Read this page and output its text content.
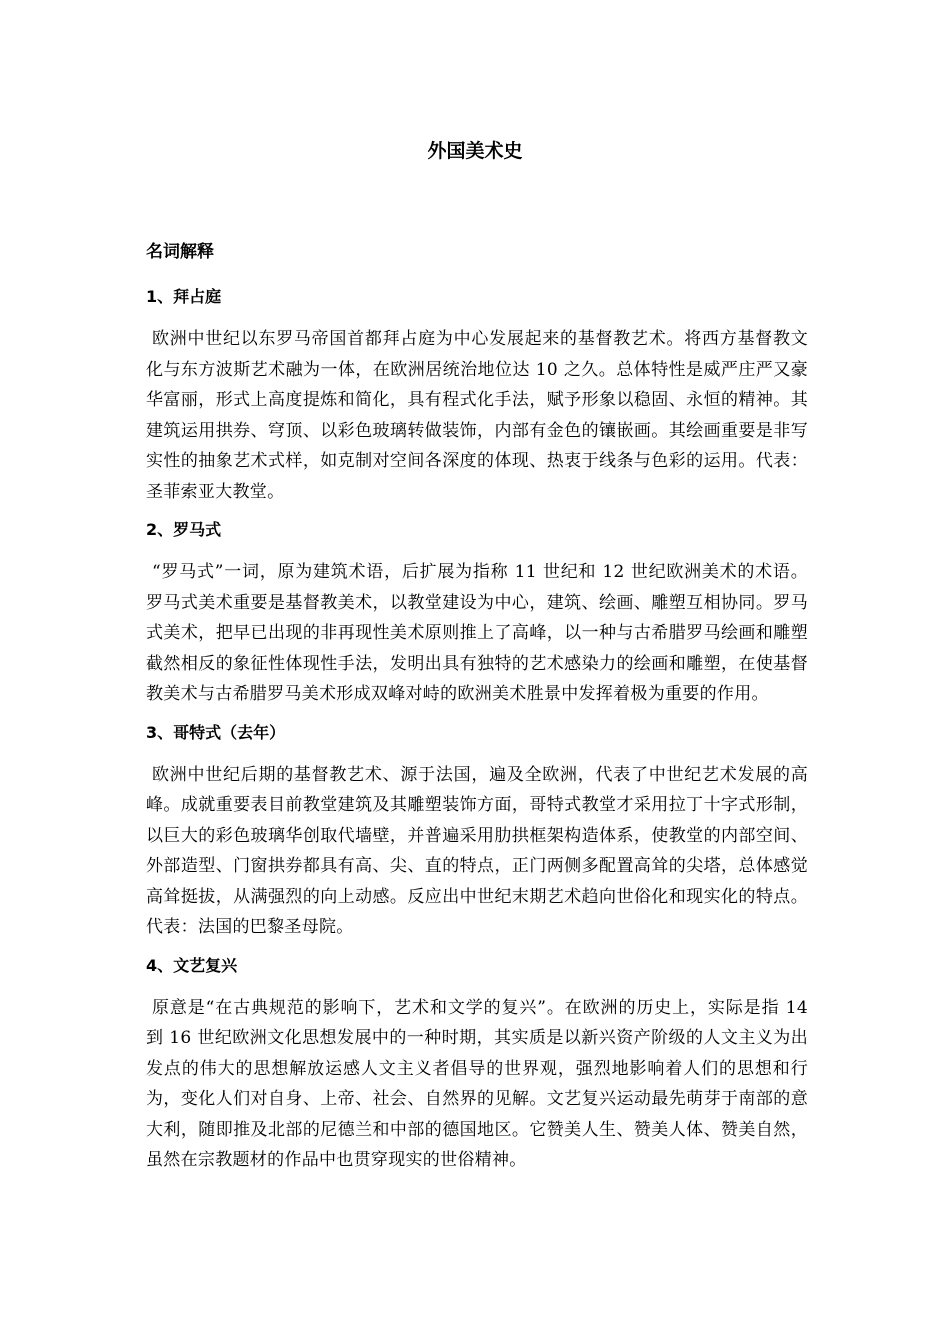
外国美术史
名词解释
1、拜占庭

欧洲中世纪以东罗马帝国首都拜占庭为中心发展起来的基督教艺术。将西方基督教文化与东方波斯艺术融为一体，在欧洲居统治地位达 10 之久。总体特性是威严庄严又豪华富丽，形式上高度提炼和简化，具有程式化手法，赋予形象以稳固、永恒的精神。其建筑运用拱券、穹顶、以彩色玻璃转做装饰，内部有金色的镶嵌画。其绘画重要是非写实性的抽象艺术式样，如克制对空间各深度的体现、热衷于线条与色彩的运用。代表：圣菲索亚大教堂。

2、罗马式

“罗马式”一词，原为建筑术语，后扩展为指称 11 世纪和 12 世纪欧洲美术的术语。罗马式美术重要是基督教美术，以教堂建设为中心，建筑、绘画、雕塑互相协同。罗马式美术，把早已出现的非再现性美术原则推上了高峰，以一种与古希腊罗马绘画和雕塑截然相反的象征性体现性手法，发明出具有独特的艺术感染力的绘画和雕塑，在使基督教美术与古希腊罗马美术形成双峰对峙的欧洲美术胜景中发挥着极为重要的作用。

3、哥特式（去年）

欧洲中世纪后期的基督教艺术、源于法国，遍及全欧洲，代表了中世纪艺术发展的高峰。成就重要表目前教堂建筑及其雕塑装饰方面，哥特式教堂才采用拉丁十字式形制，以巨大的彩色玻璃华创取代墙壁，并普遍采用肋拱框架构造体系，使教堂的内部空间、外部造型、门窗拱券都具有高、尖、直的特点，正门两侧多配置高耸的尖塔，总体感觉高耸挺拔，从满强烈的向上动感。反应出中世纪末期艺术趋向世俗化和现实化的特点。代表：法国的巴黎圣母院。

4、文艺复兴

原意是“在古典规范的影响下，艺术和文学的复兴”。在欧洲的历史上，实际是指 14 到 16 世纪欧洲文化思想发展中的一种时期，其实质是以新兴资产阶级的人文主义为出发点的伟大的思想解放运感人文主义者倡导的世界观，强烈地影响着人们的思想和行为，变化人们对自身、上帝、社会、自然界的见解。文艺复兴运动最先萌芽于南部的意大利，随即推及北部的尼德兰和中部的德国地区。它赞美人生、赞美人体、赞美自然，虽然在宗教题材的作品中也贯穿现实的世俗精神。
